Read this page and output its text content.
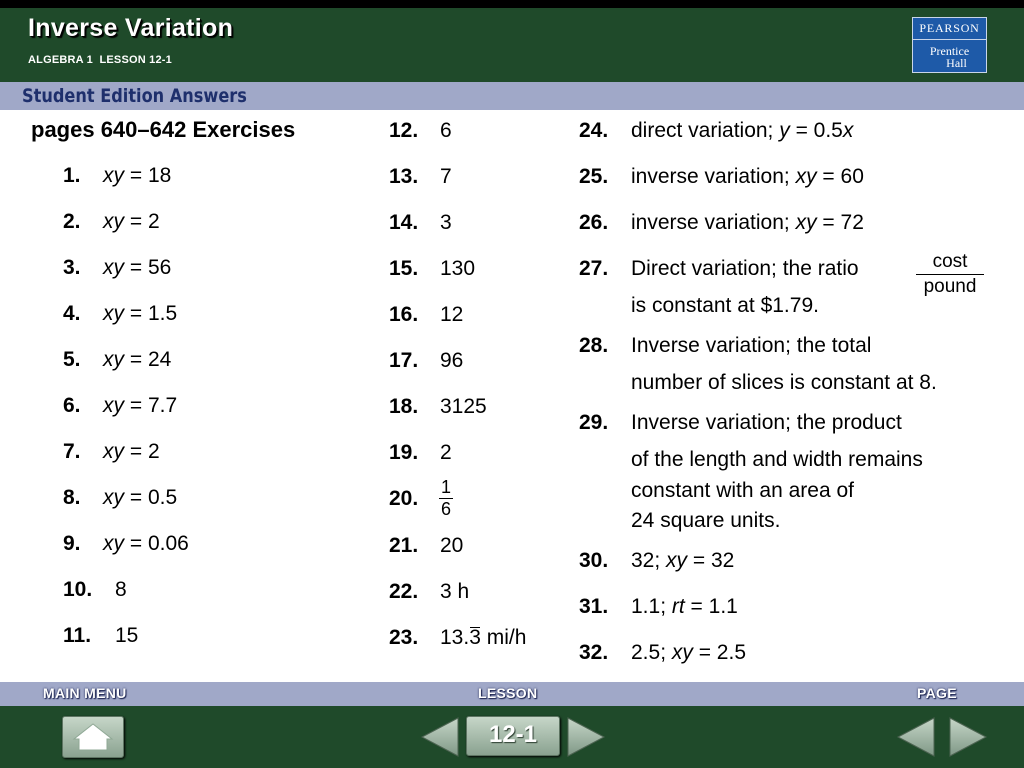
Inverse Variation
ALGEBRA 1  LESSON 12-1
PEARSON
Prentice
Hall
Student Edition Answers
pages 640–642 Exercises
1. xy = 18
2. xy = 2
3. xy = 56
4. xy = 1.5
5. xy = 24
6. xy = 7.7
7. xy = 2
8. xy = 0.5
9. xy = 0.06
10. 8
11. 15
12. 6
13. 7
14. 3
15. 130
16. 12
17. 96
18. 3125
19. 2
20. $\frac{1}{6}$
21. 20
22. 3 h
23. 13.3 mi/h
24. direct variation; y = 0.5x
25. inverse variation; xy = 60
26. inverse variation; xy = 72
27. Direct variation; the ratio	cost
pound
is constant at $1.79.
28. Inverse variation; the total
number of slices is constant at 8.
29. Inverse variation; the product
of the length and width remains
constant with an area of
24 square units.
30. 32; xy = 32
31. 1.1; rt = 1.1
32. 2.5; xy = 2.5
MAIN MENU	LESSON	PAGE
12-1
